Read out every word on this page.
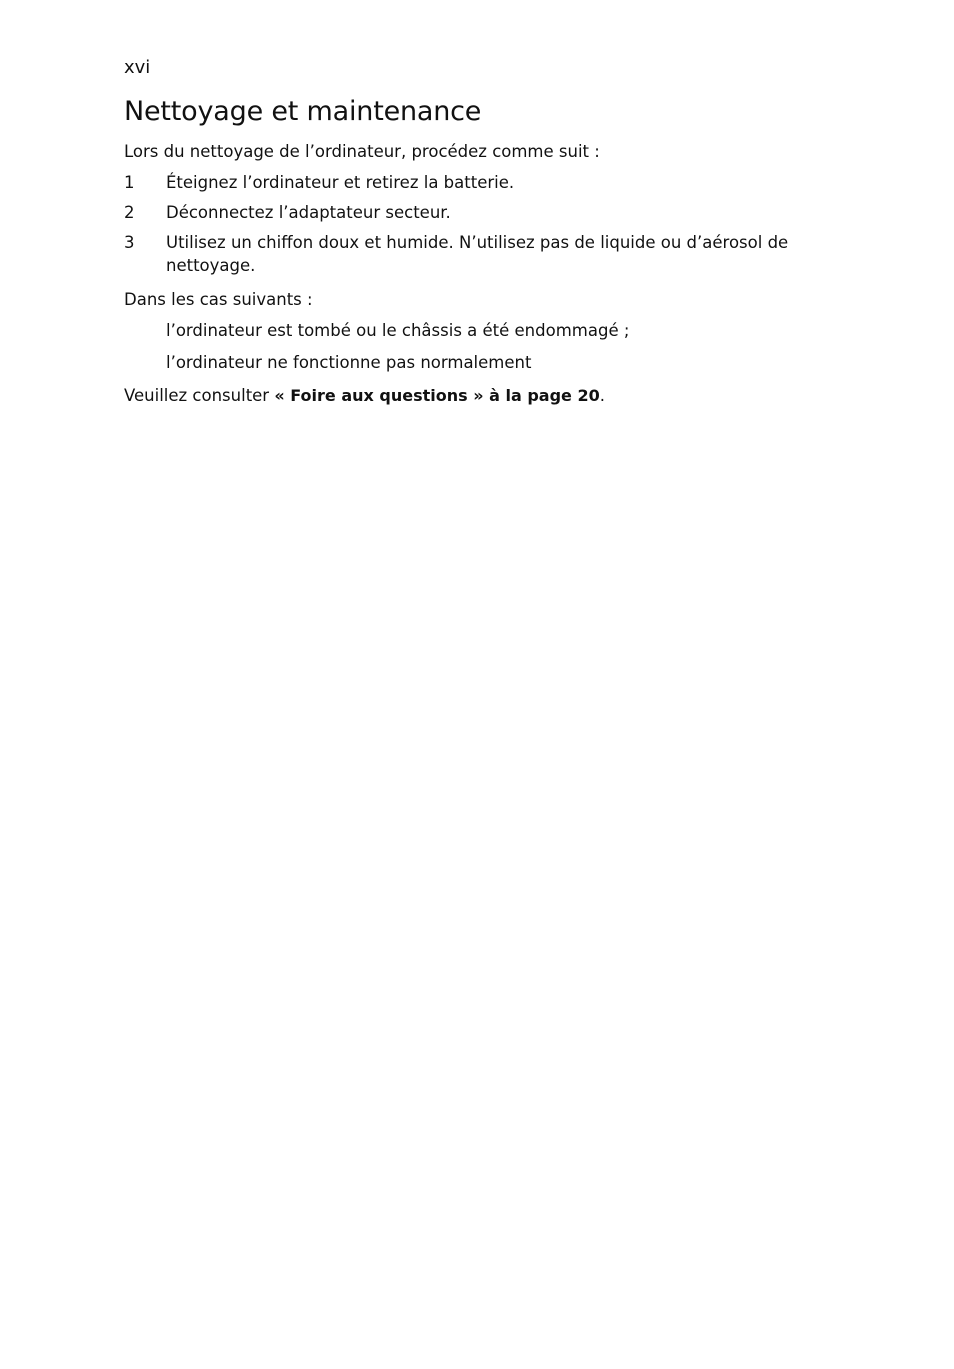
xvi
Nettoyage et maintenance

Lors du nettoyage de l’ordinateur, procédez comme suit :

1	Éteignez l’ordinateur et retirez la batterie.
2	Déconnectez l’adaptateur secteur.
3	Utilisez un chiffon doux et humide. N’utilisez pas de liquide ou d’aérosol de nettoyage.

Dans les cas suivants :

l’ordinateur est tombé ou le châssis a été endommagé ;
l’ordinateur ne fonctionne pas normalement

Veuillez consulter « Foire aux questions » à la page 20.
